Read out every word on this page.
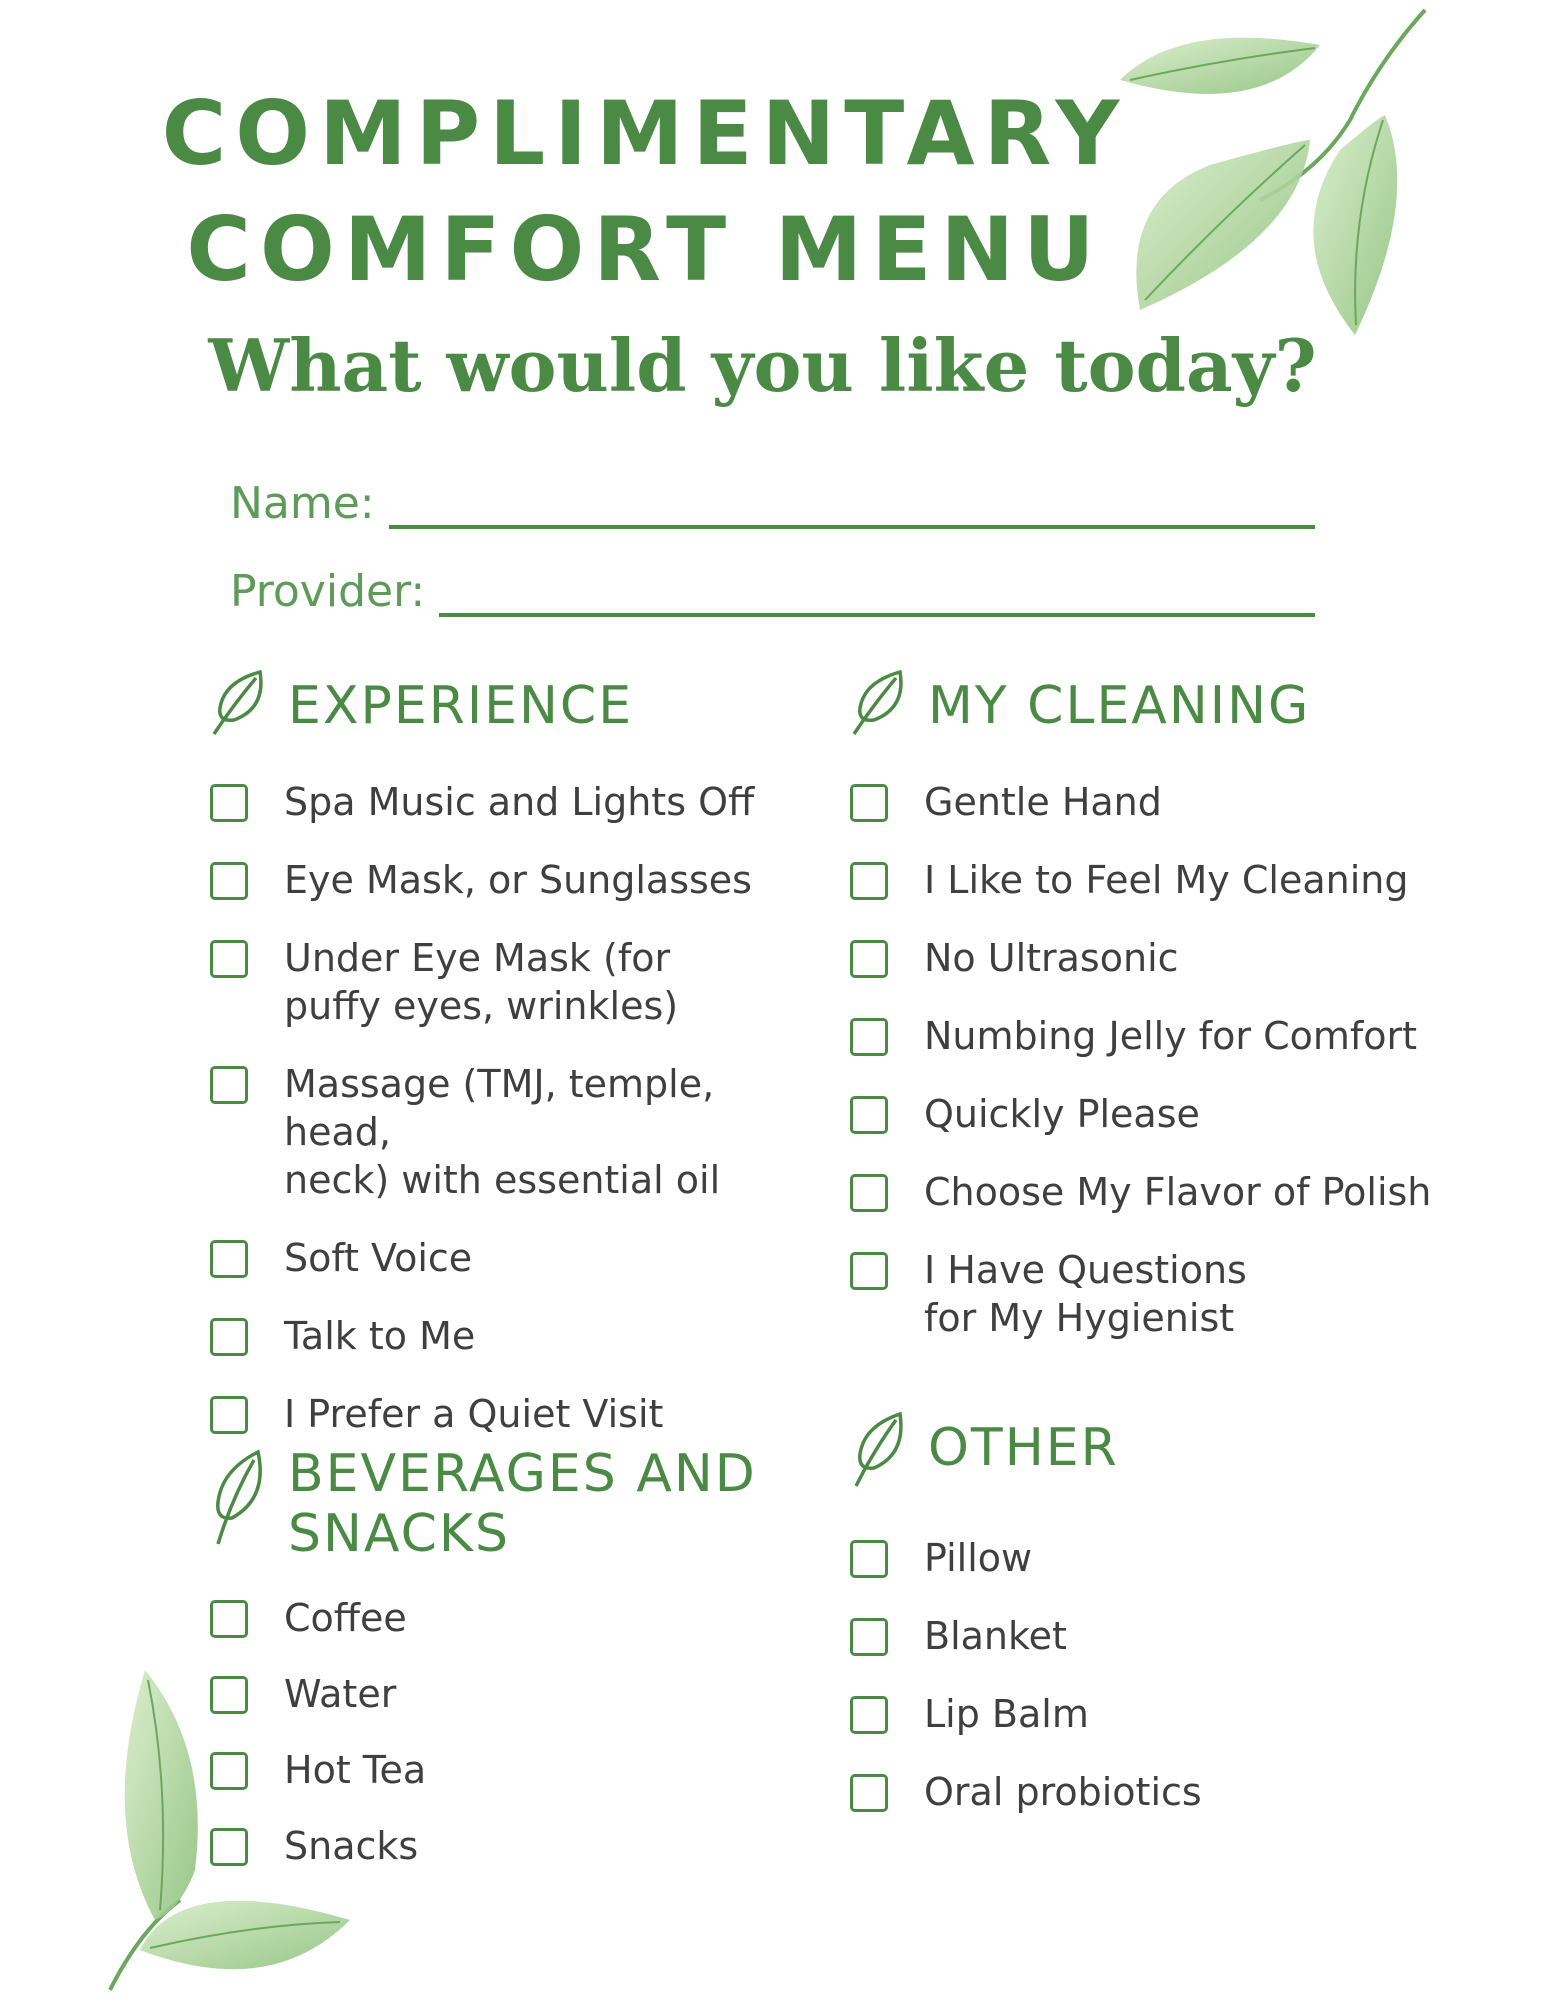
COMPLIMENTARY
COMFORT MENU
What would you like today?
Name:
Provider:
EXPERIENCE
Spa Music and Lights Off
Eye Mask, or Sunglasses
Under Eye Mask (for
puffy eyes, wrinkles)
Massage (TMJ, temple, head,
neck) with essential oil
Soft Voice
Talk to Me
I Prefer a Quiet Visit
BEVERAGES AND
SNACKS
Coffee
Water
Hot Tea
Snacks
MY CLEANING
Gentle Hand
I Like to Feel My Cleaning
No Ultrasonic
Numbing Jelly for Comfort
Quickly Please
Choose My Flavor of Polish
I Have Questions
for My Hygienist
OTHER
Pillow
Blanket
Lip Balm
Oral probiotics
